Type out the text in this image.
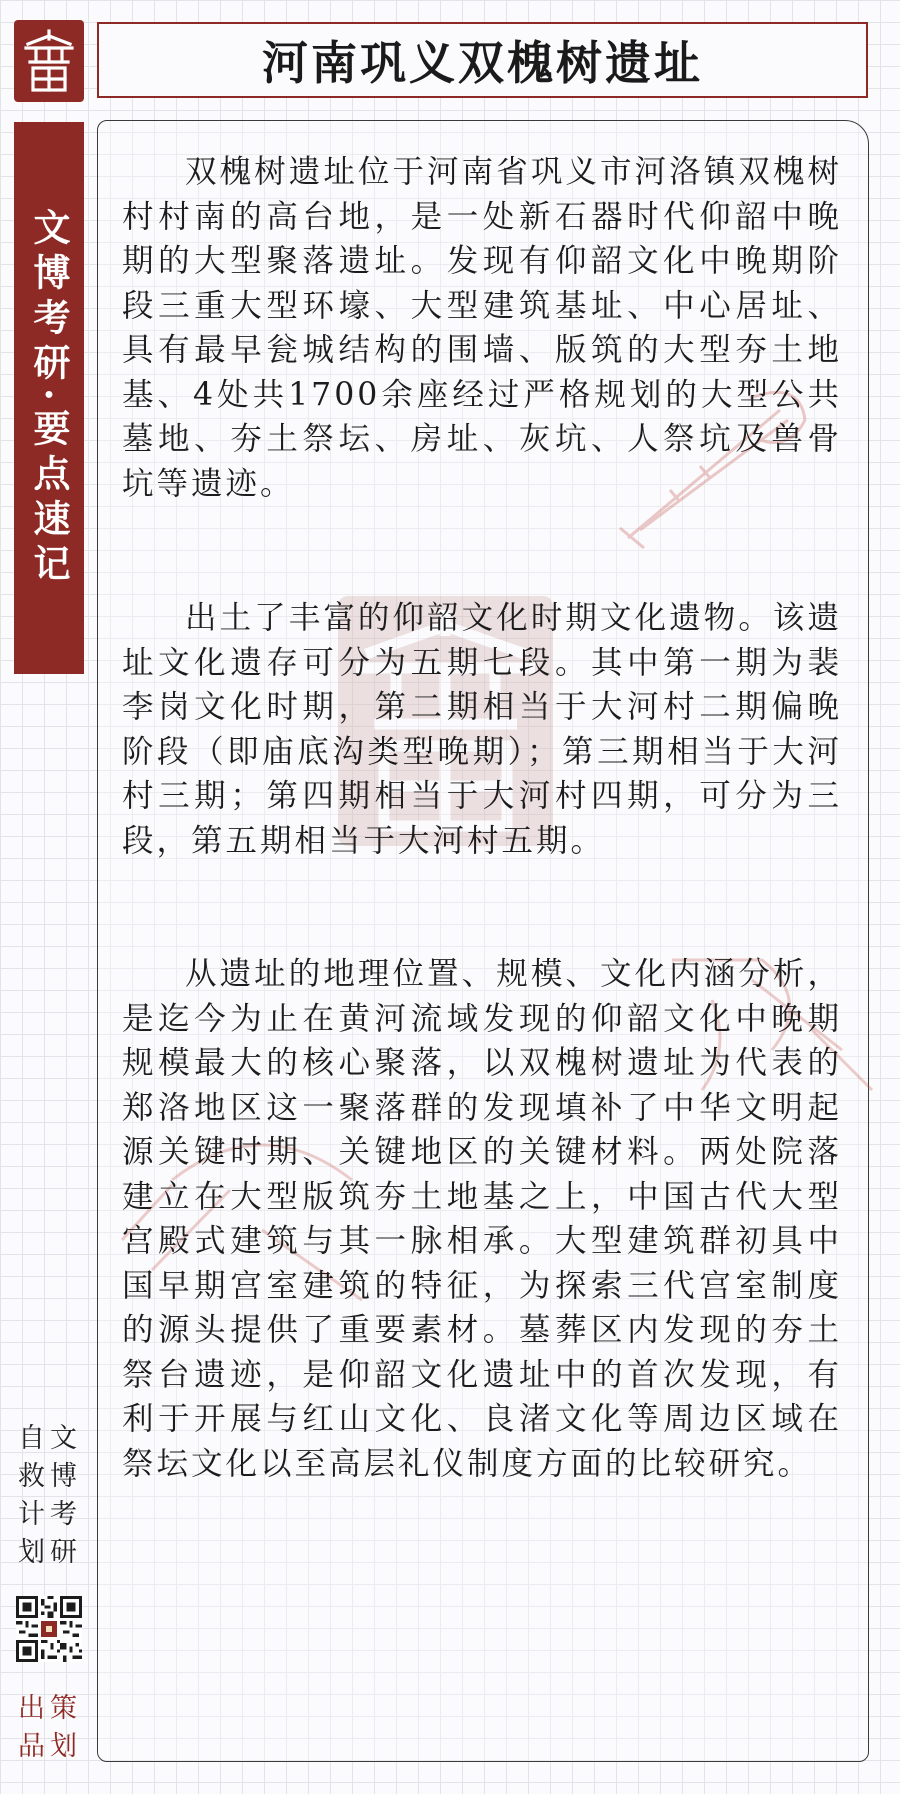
文博考研·要点速记
河南巩义双槐树遗址

双槐树遗址位于河南省巩义市河洛镇双槐树村村南的高台地，是一处新石器时代仰韶中晚期的大型聚落遗址。发现有仰韶文化中晚期阶段三重大型环壕、大型建筑基址、中心居址、具有最早瓮城结构的围墙、版筑的大型夯土地基、4处共1700余座经过严格规划的大型公共墓地、夯土祭坛、房址、灰坑、人祭坑及兽骨坑等遗迹。

出土了丰富的仰韶文化时期文化遗物。该遗址文化遗存可分为五期七段。其中第一期为裴李岗文化时期，第二期相当于大河村二期偏晚阶段（即庙底沟类型晚期）；第三期相当于大河村三期；第四期相当于大河村四期，可分为三段，第五期相当于大河村五期。

从遗址的地理位置、规模、文化内涵分析，是迄今为止在黄河流域发现的仰韶文化中晚期规模最大的核心聚落，以双槐树遗址为代表的郑洛地区这一聚落群的发现填补了中华文明起源关键时期、关键地区的关键材料。两处院落建立在大型版筑夯土地基之上，中国古代大型宫殿式建筑与其一脉相承。大型建筑群初具中国早期宫室建筑的特征，为探索三代宫室制度的源头提供了重要素材。墓葬区内发现的夯土祭台遗迹，是仰韶文化遗址中的首次发现，有利于开展与红山文化、良渚文化等周边区域在祭坛文化以至高层礼仪制度方面的比较研究。

自救计划
文博考研
出品
策划
